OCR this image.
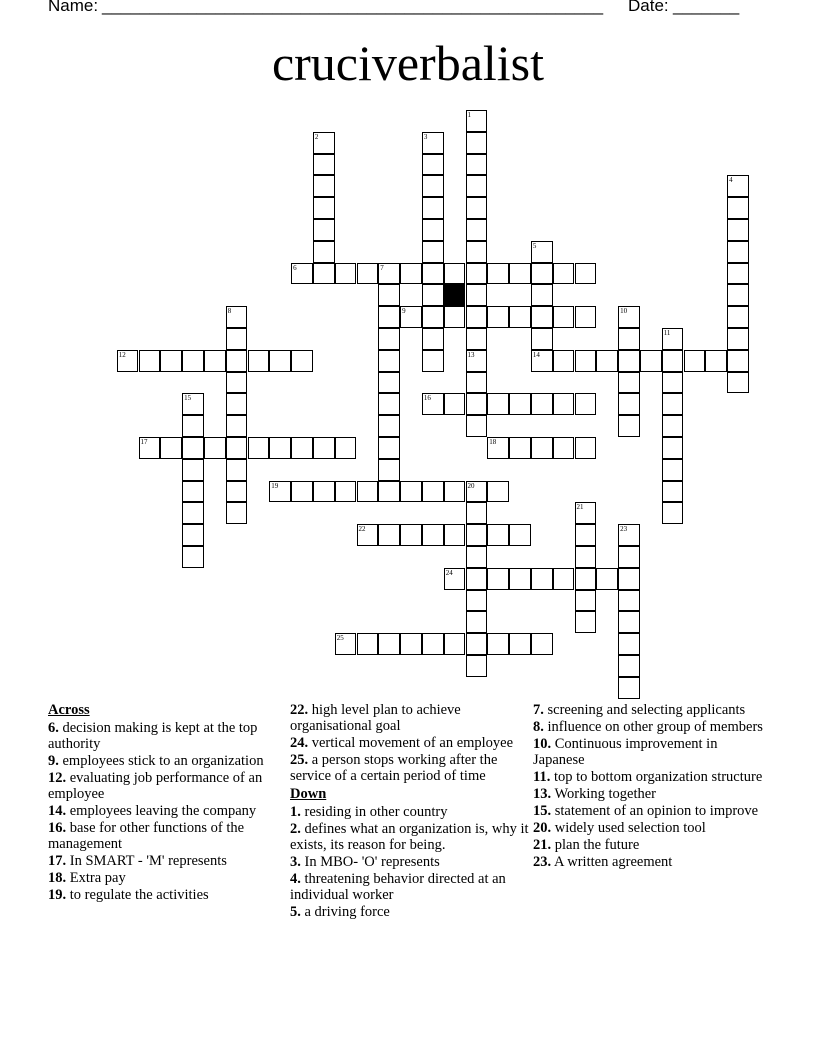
Name: _____________________________________________________ Date: _______
cruciverbalist
1
2	3
4
5
6	7
8	9	10
11
12	13	14
15	16
17	18
19	20
21
22	23
24
25
Across
6. decision making is kept at the top authority
9. employees stick to an organization
12. evaluating job performance of an employee
14. employees leaving the company
16. base for other functions of the management
17. In SMART - 'M' represents
18. Extra pay
19. to regulate the activities
22. high level plan to achieve organisational goal
24. vertical movement of an employee
25. a person stops working after the service of a certain period of time
Down
1. residing in other country
2. defines what an organization is, why it exists, its reason for being.
3. In MBO- 'O' represents
4. threatening behavior directed at an individual worker
5. a driving force
7. screening and selecting applicants
8. influence on other group of members
10. Continuous improvement in Japanese
11. top to bottom organization structure
13. Working together
15. statement of an opinion to improve
20. widely used selection tool
21. plan the future
23. A written agreement
